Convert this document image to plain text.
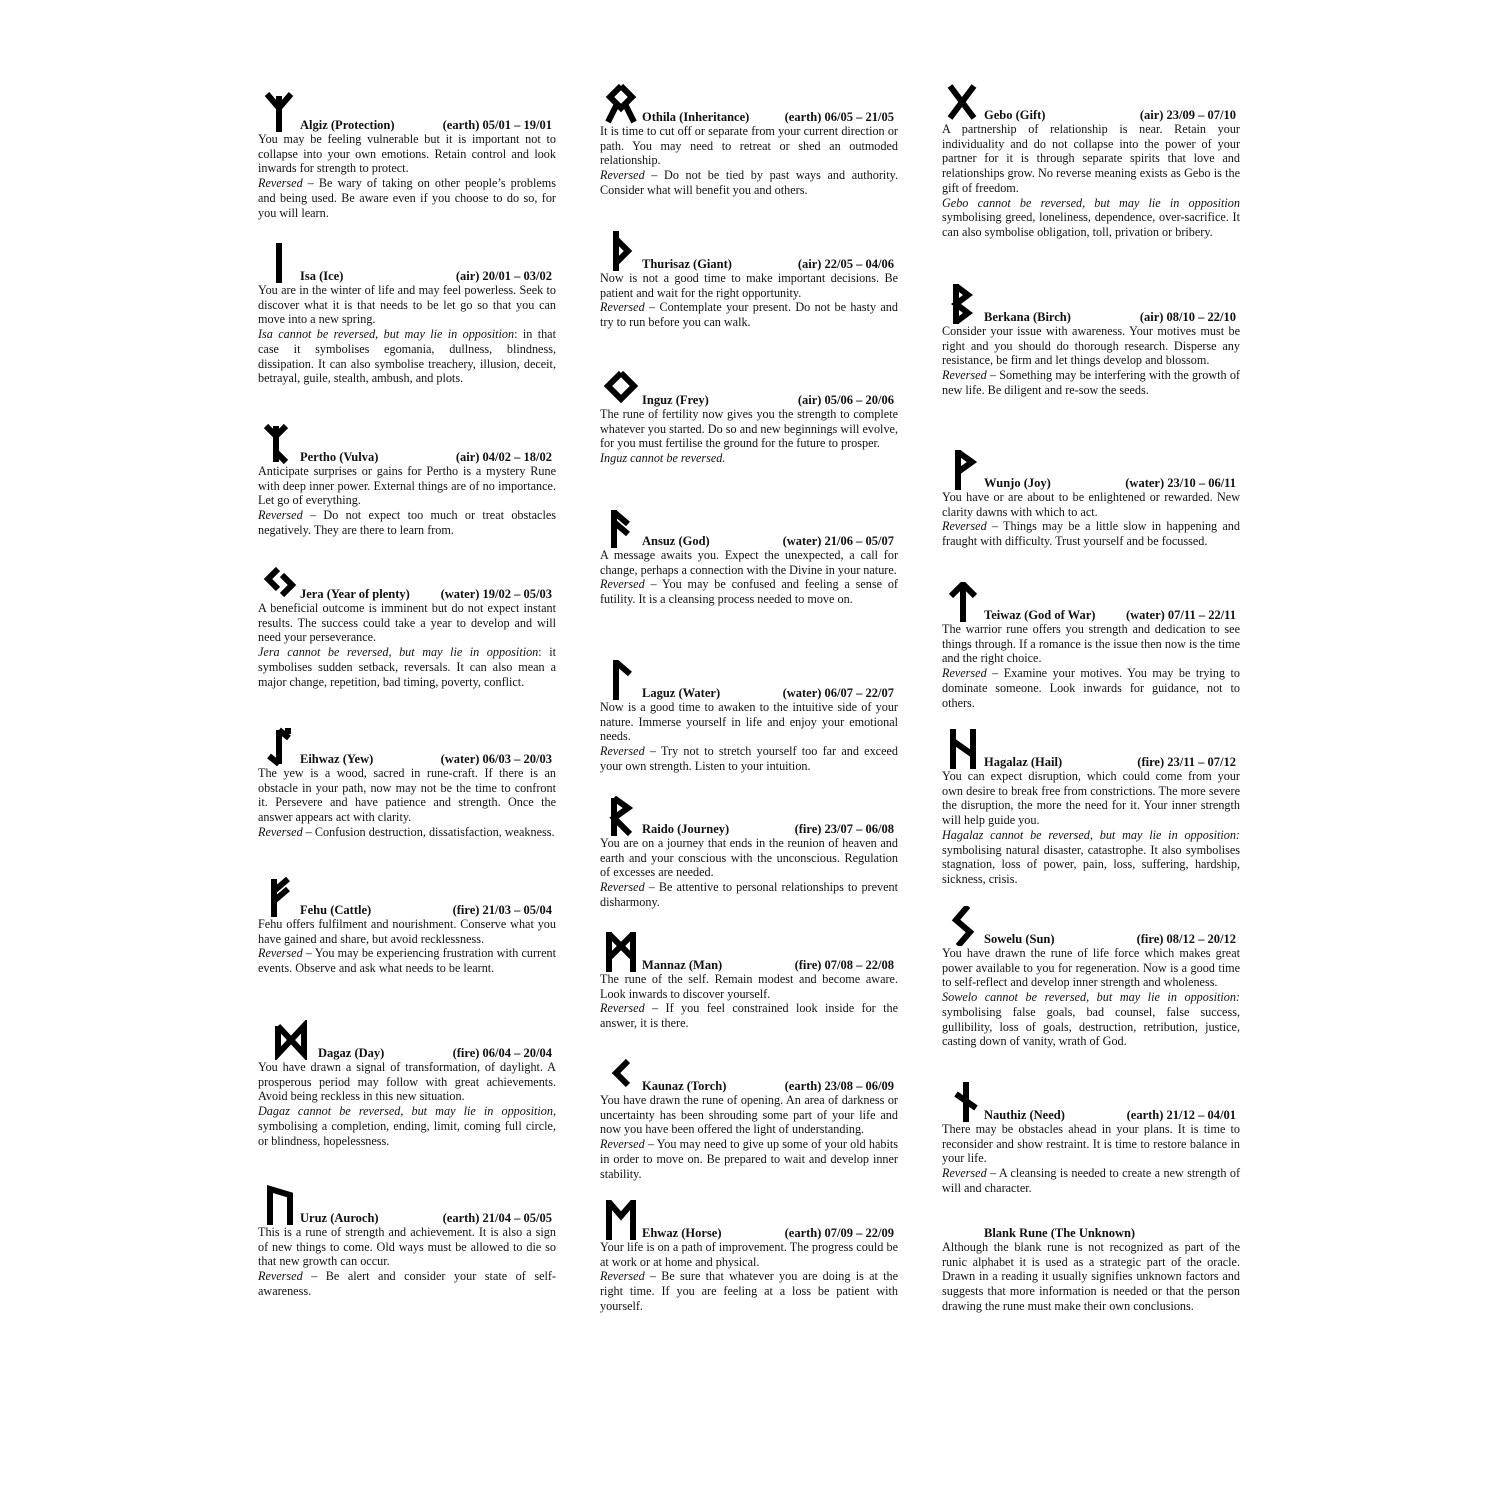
Algiz (Protection)	(earth) 05/01 – 19/01

You may be feeling vulnerable but it is important not to collapse into your own emotions. Retain control and look inwards for strength to protect.
Reversed – Be wary of taking on other people’s problems and being used. Be aware even if you choose to do so, for you will learn.

Isa (Ice)	(air) 20/01 – 03/02

You are in the winter of life and may feel powerless. Seek to discover what it is that needs to be let go so that you can move into a new spring.
Isa cannot be reversed, but may lie in opposition: in that case it symbolises egomania, dullness, blindness, dissipation. It can also symbolise treachery, illusion, deceit, betrayal, guile, stealth, ambush, and plots.

Pertho (Vulva)	(air) 04/02 – 18/02

Anticipate surprises or gains for Pertho is a mystery Rune with deep inner power. External things are of no importance. Let go of everything.
Reversed – Do not expect too much or treat obstacles negatively. They are there to learn from.

Jera (Year of plenty) (water) 19/02 – 05/03

A beneficial outcome is imminent but do not expect instant results. The success could take a year to develop and will need your perseverance.
Jera cannot be reversed, but may lie in opposition: it symbolises sudden setback, reversals. It can also mean a major change, repetition, bad timing, poverty, conflict.

Eihwaz (Yew)	(water) 06/03 – 20/03

The yew is a wood, sacred in rune-craft. If there is an obstacle in your path, now may not be the time to confront it. Persevere and have patience and strength. Once the answer appears act with clarity.
Reversed – Confusion destruction, dissatisfaction, weakness.

Fehu (Cattle)	(fire) 21/03 – 05/04

Fehu offers fulfilment and nourishment. Conserve what you have gained and share, but avoid recklessness.
Reversed – You may be experiencing frustration with current events. Observe and ask what needs to be learnt.

Dagaz (Day)	(fire) 06/04 – 20/04

You have drawn a signal of transformation, of daylight. A prosperous period may follow with great achievements. Avoid being reckless in this new situation.
Dagaz cannot be reversed, but may lie in opposition, symbolising a completion, ending, limit, coming full circle, or blindness, hopelessness.

Uruz (Auroch)	(earth) 21/04 – 05/05

This is a rune of strength and achievement. It is also a sign of new things to come. Old ways must be allowed to die so that new growth can occur.
Reversed – Be alert and consider your state of self-awareness.

Othila (Inheritance)	(earth) 06/05 – 21/05

It is time to cut off or separate from your current direction or path. You may need to retreat or shed an outmoded relationship.
Reversed – Do not be tied by past ways and authority. Consider what will benefit you and others.

Thurisaz (Giant)	(air) 22/05 – 04/06

Now is not a good time to make important decisions. Be patient and wait for the right opportunity.
Reversed – Contemplate your present. Do not be hasty and try to run before you can walk.

Inguz (Frey)	(air) 05/06 – 20/06

The rune of fertility now gives you the strength to complete whatever you started. Do so and new beginnings will evolve, for you must fertilise the ground for the future to prosper.
Inguz cannot be reversed.

Ansuz (God)	(water) 21/06 – 05/07

A message awaits you. Expect the unexpected, a call for change, perhaps a connection with the Divine in your nature.
Reversed – You may be confused and feeling a sense of futility. It is a cleansing process needed to move on.

Laguz (Water)	(water) 06/07 – 22/07

Now is a good time to awaken to the intuitive side of your nature. Immerse yourself in life and enjoy your emotional needs.
Reversed – Try not to stretch yourself too far and exceed your own strength. Listen to your intuition.

Raido (Journey)	(fire) 23/07 – 06/08

You are on a journey that ends in the reunion of heaven and earth and your conscious with the unconscious. Regulation of excesses are needed.
Reversed – Be attentive to personal relationships to prevent disharmony.

Mannaz (Man)	(fire) 07/08 – 22/08

The rune of the self. Remain modest and become aware. Look inwards to discover yourself.
Reversed – If you feel constrained look inside for the answer, it is there.

Kaunaz (Torch)	(earth) 23/08 – 06/09

You have drawn the rune of opening. An area of darkness or uncertainty has been shrouding some part of your life and now you have been offered the light of understanding.
Reversed – You may need to give up some of your old habits in order to move on. Be prepared to wait and develop inner stability.

Ehwaz (Horse)	(earth) 07/09 – 22/09

Your life is on a path of improvement. The progress could be at work or at home and physical.
Reversed – Be sure that whatever you are doing is at the right time. If you are feeling at a loss be patient with yourself.

Gebo (Gift)	(air) 23/09 – 07/10

A partnership of relationship is near. Retain your individuality and do not collapse into the power of your partner for it is through separate spirits that love and relationships grow. No reverse meaning exists as Gebo is the gift of freedom.
Gebo cannot be reversed, but may lie in opposition symbolising greed, loneliness, dependence, over-sacrifice. It can also symbolise obligation, toll, privation or bribery.

Berkana (Birch)	(air) 08/10 – 22/10

Consider your issue with awareness. Your motives must be right and you should do thorough research. Disperse any resistance, be firm and let things develop and blossom.
Reversed – Something may be interfering with the growth of new life. Be diligent and re-sow the seeds.

Wunjo (Joy)	(water) 23/10 – 06/11

You have or are about to be enlightened or rewarded. New clarity dawns with which to act.
Reversed – Things may be a little slow in happening and fraught with difficulty. Trust yourself and be focussed.

Teiwaz (God of War) (water) 07/11 – 22/11

The warrior rune offers you strength and dedication to see things through. If a romance is the issue then now is the time and the right choice.
Reversed – Examine your motives. You may be trying to dominate someone. Look inwards for guidance, not to others.

Hagalaz (Hail)	(fire) 23/11 – 07/12

You can expect disruption, which could come from your own desire to break free from constrictions. The more severe the disruption, the more the need for it. Your inner strength will help guide you.
Hagalaz cannot be reversed, but may lie in opposition: symbolising natural disaster, catastrophe. It also symbolises stagnation, loss of power, pain, loss, suffering, hardship, sickness, crisis.

Sowelu (Sun)	(fire) 08/12 – 20/12

You have drawn the rune of life force which makes great power available to you for regeneration. Now is a good time to self-reflect and develop inner strength and wholeness.
Sowelo cannot be reversed, but may lie in opposition: symbolising false goals, bad counsel, false success, gullibility, loss of goals, destruction, retribution, justice, casting down of vanity, wrath of God.

Nauthiz (Need)	(earth) 21/12 – 04/01

There may be obstacles ahead in your plans. It is time to reconsider and show restraint. It is time to restore balance in your life.
Reversed – A cleansing is needed to create a new strength of will and character.

Blank Rune (The Unknown)

Although the blank rune is not recognized as part of the runic alphabet it is used as a strategic part of the oracle. Drawn in a reading it usually signifies unknown factors and suggests that more information is needed or that the person drawing the rune must make their own conclusions.
